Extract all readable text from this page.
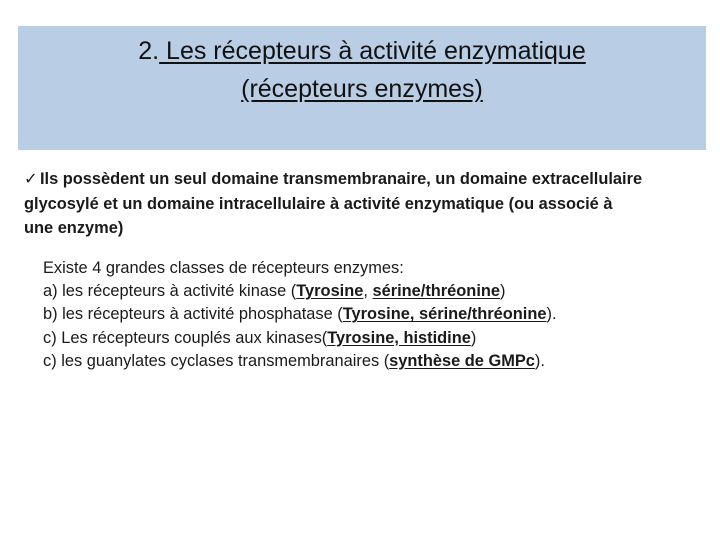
2. Les récepteurs à activité enzymatique
(récepteurs enzymes)
✓ Ils possèdent un seul domaine transmembranaire, un domaine extracellulaire
glycosylé et un domaine intracellulaire à activité enzymatique (ou associé à
une enzyme)
Existe 4 grandes classes de récepteurs enzymes:
a) les récepteurs à activité kinase (Tyrosine, sérine/thréonine)
b) les récepteurs à activité phosphatase (Tyrosine, sérine/thréonine).
c) Les récepteurs couplés aux kinases(Tyrosine, histidine)
c) les guanylates cyclases transmembranaires (synthèse de GMPc).
